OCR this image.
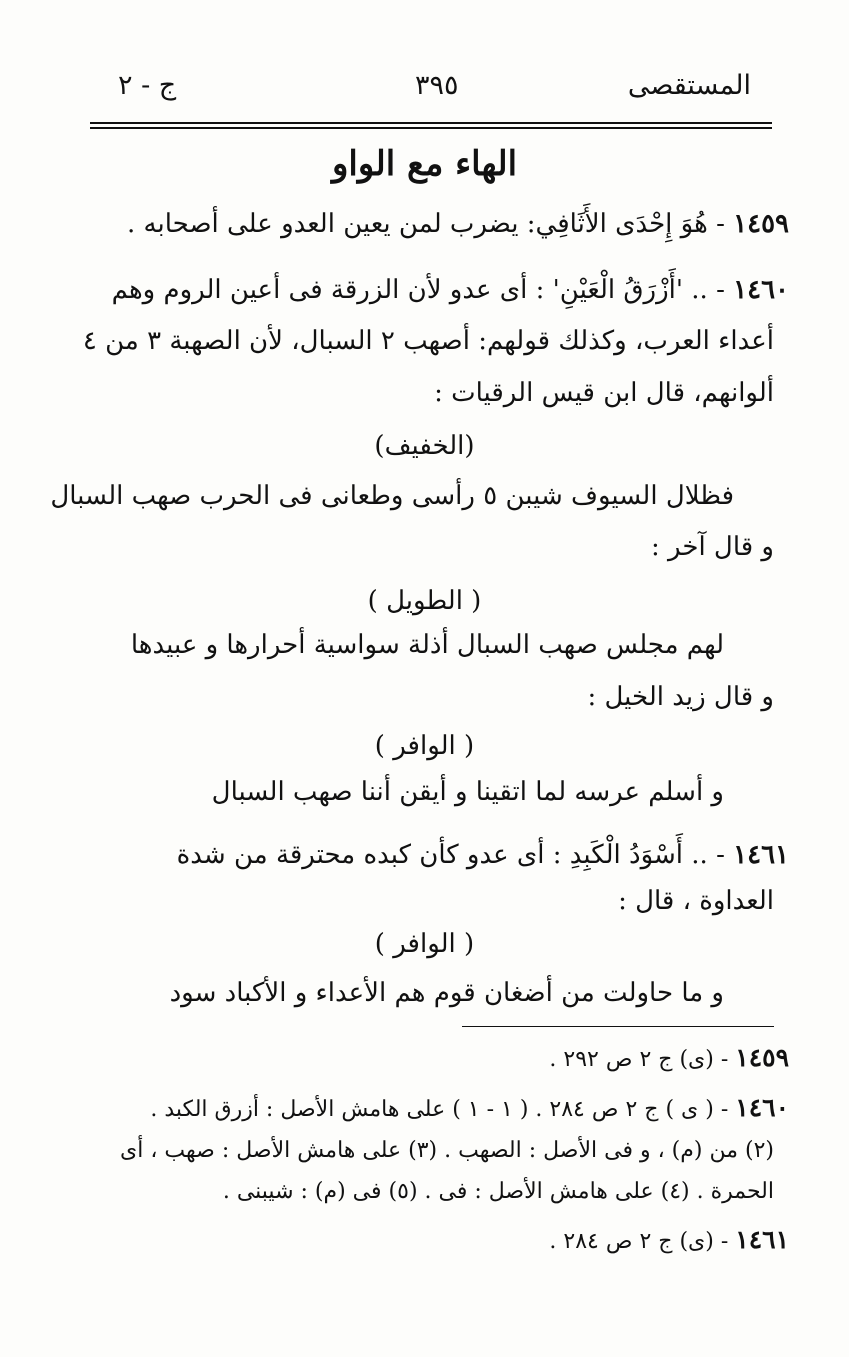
المستقصى
٣٩٥
ج - ٢
الهاء مع الواو
١٤٥٩ - هُوَ إِحْدَى الأَثَافِي: يضرب لمن يعين العدو على أصحابه .
١٤٦٠ - .. 'أَزْرَقُ الْعَيْنِ' : أى عدو لأن الزرقة فى أعين الروم وهم
أعداء العرب، وكذلك قولهم: أصهب ٢ السبال، لأن الصهبة ٣ من ٤
ألوانهم، قال ابن قيس الرقيات :
(الخفيف)
فظلال السيوف شيبن ٥ رأسى وطعانى فى الحرب صهب السبال
و قال آخر :
( الطويل )
لهم مجلس صهب السبال أذلة سواسية أحرارها و عبيدها
و قال زيد الخيل :
( الوافر )
و أسلم عرسه لما اتقينا و أيقن أننا صهب السبال
١٤٦١ - .. أَسْوَدُ الْكَبِدِ : أى عدو كأن كبده محترقة من شدة
العداوة ، قال :
( الوافر )
و ما حاولت من أضغان قوم هم الأعداء و الأكباد سود
١٤٥٩ - (ى) ج ٢ ص ٢٩٢ .
١٤٦٠ - ( ى ) ج ٢ ص ٢٨٤ . ( ١ - ١ ) على هامش الأصل : أزرق الكبد .
(٢) من (م) ، و فى الأصل : الصهب . (٣) على هامش الأصل : صهب ، أى
الحمرة . (٤) على هامش الأصل : فى . (٥) فى (م) : شيبنى .
١٤٦١ - (ى) ج ٢ ص ٢٨٤ .
